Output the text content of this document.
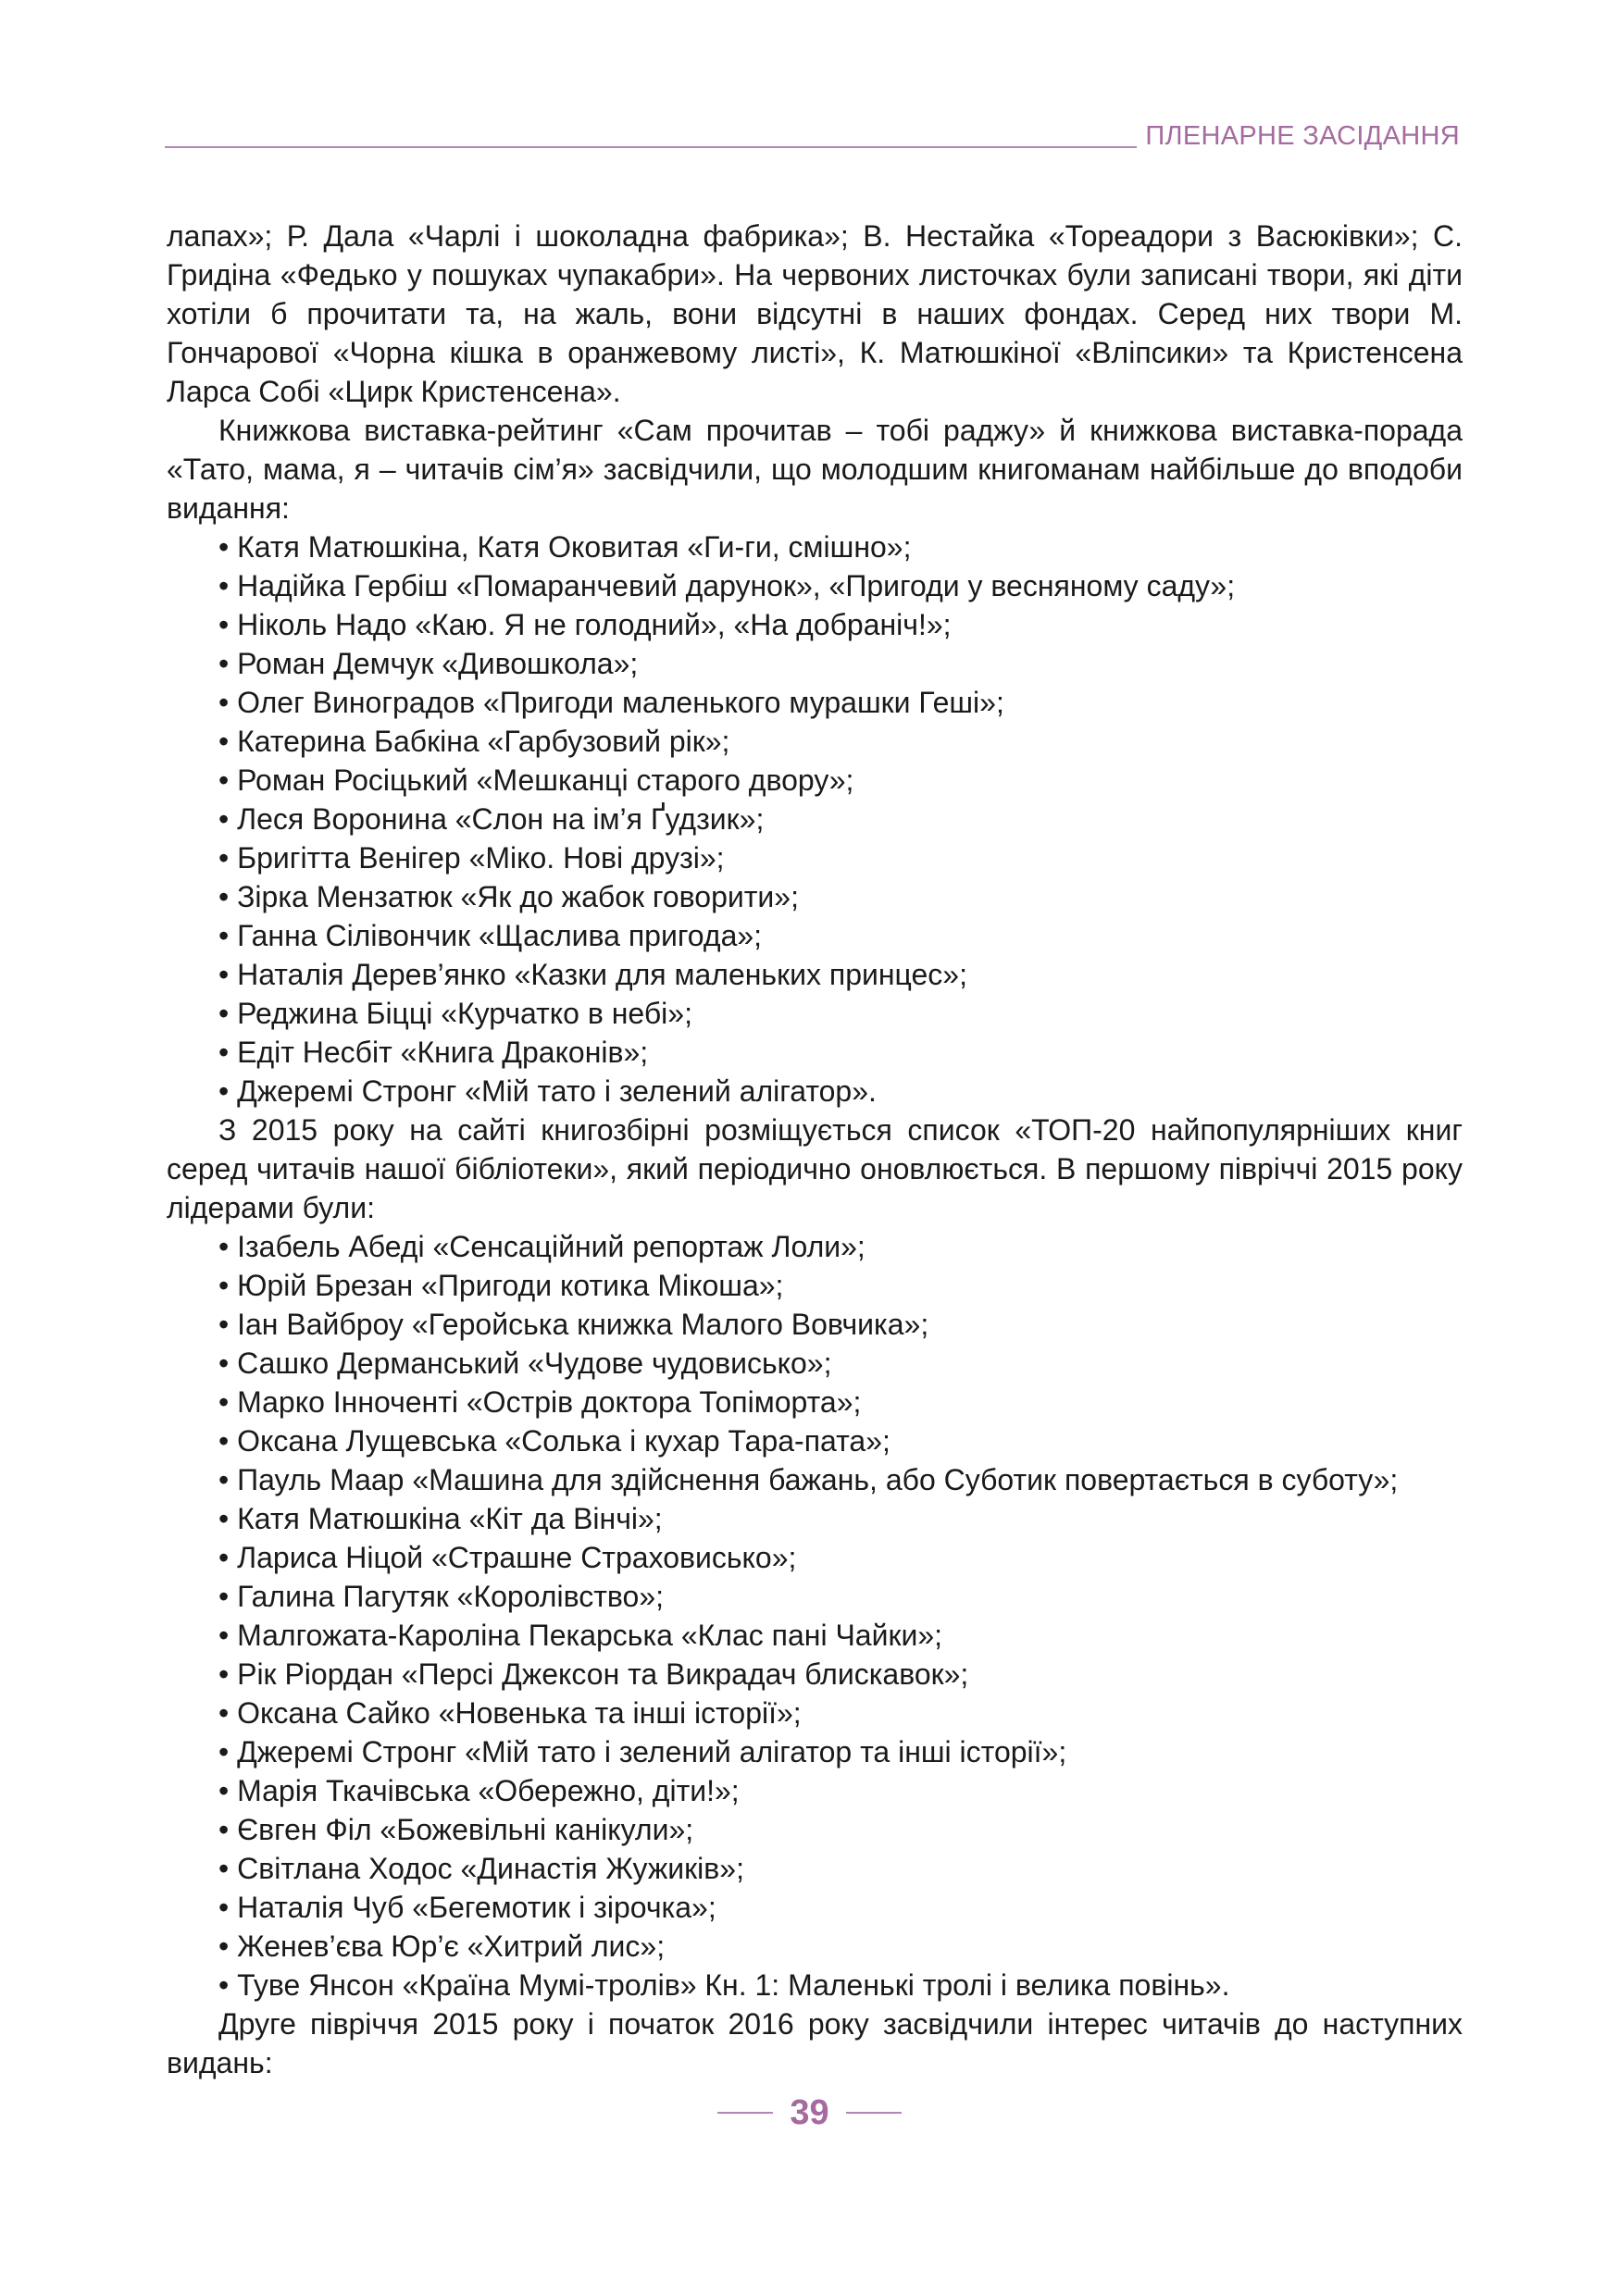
ПЛЕНАРНЕ ЗАСІДАННЯ

лапах»; Р. Дала «Чарлі і шоколадна фабрика»; В. Нестайка «Тореадори з Васюківки»; С. Гридіна «Федько у пошуках чупакабри». На червоних листочках були записані твори, які діти хотіли б прочитати та, на жаль, вони відсутні в наших фондах. Серед них твори М. Гончарової «Чорна кішка в оранжевому листі», К. Матюшкіної «Вліпсики» та Кристенсена Ларса Собі «Цирк Кристенсена».

Книжкова виставка-рейтинг «Сам прочитав – тобі раджу» й книжкова виставка-порада «Тато, мама, я – читачів сім’я» засвідчили, що молодшим книгоманам найбільше до вподоби видання:

• Катя Матюшкіна, Катя Оковитая «Ги-ги, смішно»;
• Надійка Гербіш «Помаранчевий дарунок», «Пригоди у весняному саду»;
• Ніколь Надо «Каю. Я не голодний», «На добраніч!»;
• Роман Демчук «Дивошкола»;
• Олег Виноградов «Пригоди маленького мурашки Геші»;
• Катерина Бабкіна «Гарбузовий рік»;
• Роман Росіцький «Мешканці старого двору»;
• Леся Воронина «Слон на ім’я Ґудзик»;
• Бригітта Венігер «Міко. Нові друзі»;
• Зірка Мензатюк «Як до жабок говорити»;
• Ганна Сілівончик «Щаслива пригода»;
• Наталія Дерев’янко «Казки для маленьких принцес»;
• Реджина Біцці «Курчатко в небі»;
• Едіт Несбіт «Книга Драконів»;
• Джеремі Стронг «Мій тато і зелений алігатор».

З 2015 року на сайті книгозбірні розміщується список «ТОП-20 найпопулярніших книг серед читачів нашої бібліотеки», який періодично оновлюється. В першому півріччі 2015 року лідерами були:

• Ізабель Абеді «Сенсаційний репортаж Лоли»;
• Юрій Брезан «Пригоди котика Мікоша»;
• Іан Вайброу «Геройська книжка Малого Вовчика»;
• Сашко Дерманський «Чудове чудовисько»;
• Марко Інноченті «Острів доктора Топіморта»;
• Оксана Лущевська «Солька і кухар Тара-пата»;
• Пауль Маар «Машина для здійснення бажань, або Суботик повертається в суботу»;
• Катя Матюшкіна «Кіт да Вінчі»;
• Лариса Ніцой «Страшне Страховисько»;
• Галина Пагутяк «Королівство»;
• Малгожата-Кароліна Пекарська «Клас пані Чайки»;
• Рік Ріордан «Персі Джексон та Викрадач блискавок»;
• Оксана Сайко «Новенька та інші історії»;
• Джеремі Стронг «Мій тато і зелений алігатор та інші історії»;
• Марія Ткачівська «Обережно, діти!»;
• Євген Філ «Божевільні канікули»;
• Світлана Ходос «Династія Жужиків»;
• Наталія Чуб «Бегемотик і зірочка»;
• Женев’єва Юр’є «Хитрий лис»;
• Туве Янсон «Країна Мумі-тролів» Кн. 1: Маленькі тролі і велика повінь».

Друге півріччя 2015 року і початок 2016 року засвідчили інтерес читачів до наступних видань:

39
